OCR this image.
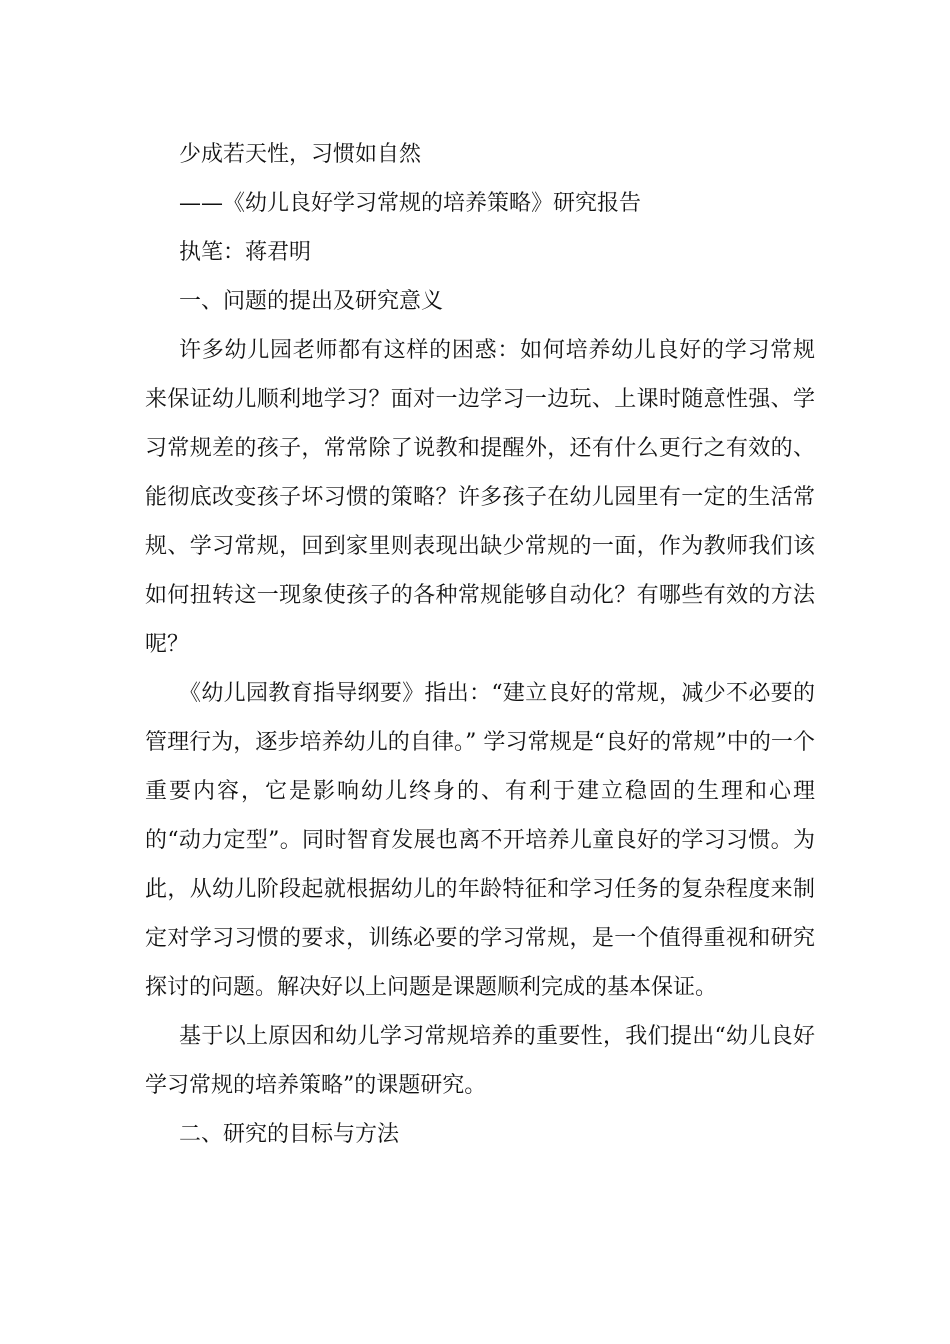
少成若天性，习惯如自然

——《幼儿良好学习常规的培养策略》研究报告

执笔：蒋君明

一、问题的提出及研究意义

许多幼儿园老师都有这样的困惑：如何培养幼儿良好的学习常规来保证幼儿顺利地学习？面对一边学习一边玩、上课时随意性强、学习常规差的孩子，常常除了说教和提醒外，还有什么更行之有效的、能彻底改变孩子坏习惯的策略？许多孩子在幼儿园里有一定的生活常规、学习常规，回到家里则表现出缺少常规的一面，作为教师我们该如何扭转这一现象使孩子的各种常规能够自动化？有哪些有效的方法呢？

《幼儿园教育指导纲要》指出：“建立良好的常规，减少不必要的管理行为，逐步培养幼儿的自律。” 学习常规是“良好的常规”中的一个重要内容，它是影响幼儿终身的、有利于建立稳固的生理和心理的“动力定型”。同时智育发展也离不开培养儿童良好的学习习惯。为此，从幼儿阶段起就根据幼儿的年龄特征和学习任务的复杂程度来制定对学习习惯的要求，训练必要的学习常规，是一个值得重视和研究探讨的问题。解决好以上问题是课题顺利完成的基本保证。

基于以上原因和幼儿学习常规培养的重要性，我们提出“幼儿良好学习常规的培养策略”的课题研究。

二、研究的目标与方法
